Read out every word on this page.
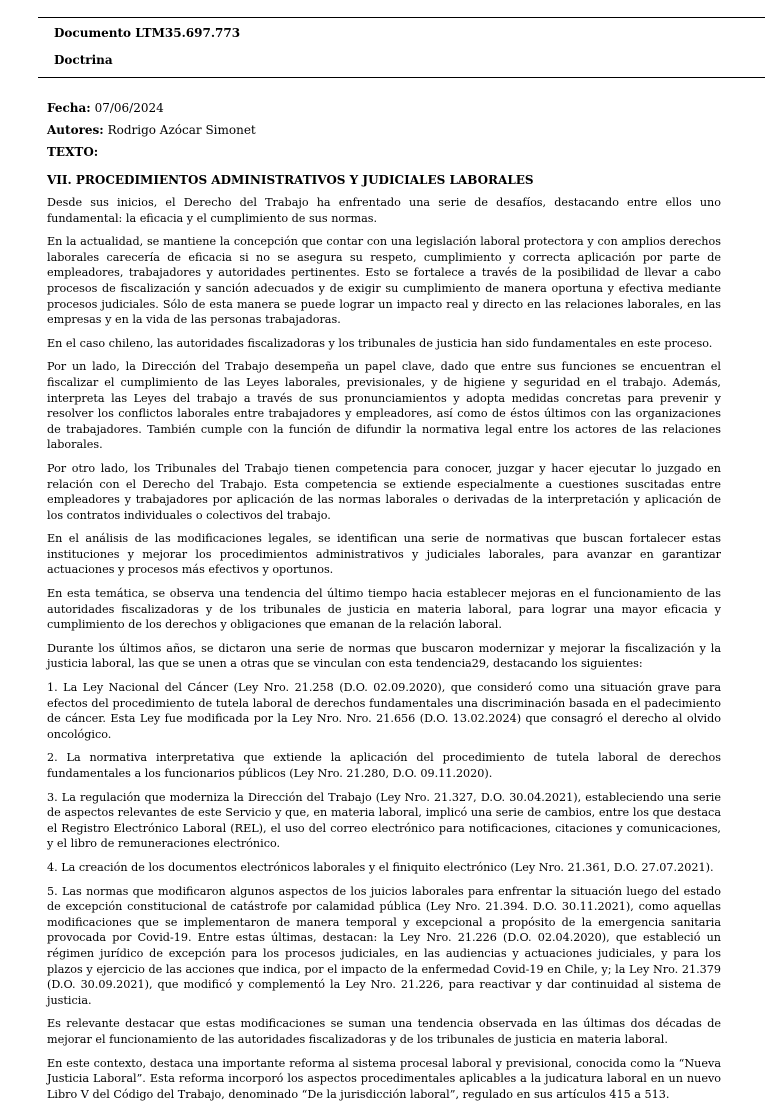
Documento LTM35.697.773
Doctrina
Fecha: 07/06/2024
Autores: Rodrigo Azócar Simonet
TEXTO:
VII. PROCEDIMIENTOS ADMINISTRATIVOS Y JUDICIALES LABORALES

Desde sus inicios, el Derecho del Trabajo ha enfrentado una serie de desafíos, destacando entre ellos uno fundamental: la eficacia y el cumplimiento de sus normas.

En la actualidad, se mantiene la concepción que contar con una legislación laboral protectora y con amplios derechos laborales carecería de eficacia si no se asegura su respeto, cumplimiento y correcta aplicación por parte de empleadores, trabajadores y autoridades pertinentes. Esto se fortalece a través de la posibilidad de llevar a cabo procesos de fiscalización y sanción adecuados y de exigir su cumplimiento de manera oportuna y efectiva mediante procesos judiciales. Sólo de esta manera se puede lograr un impacto real y directo en las relaciones laborales, en las empresas y en la vida de las personas trabajadoras.

En el caso chileno, las autoridades fiscalizadoras y los tribunales de justicia han sido fundamentales en este proceso.

Por un lado, la Dirección del Trabajo desempeña un papel clave, dado que entre sus funciones se encuentran el fiscalizar el cumplimiento de las Leyes laborales, previsionales, y de higiene y seguridad en el trabajo. Además, interpreta las Leyes del trabajo a través de sus pronunciamientos y adopta medidas concretas para prevenir y resolver los conflictos laborales entre trabajadores y empleadores, así como de éstos últimos con las organizaciones de trabajadores. También cumple con la función de difundir la normativa legal entre los actores de las relaciones laborales.

Por otro lado, los Tribunales del Trabajo tienen competencia para conocer, juzgar y hacer ejecutar lo juzgado en relación con el Derecho del Trabajo. Esta competencia se extiende especialmente a cuestiones suscitadas entre empleadores y trabajadores por aplicación de las normas laborales o derivadas de la interpretación y aplicación de los contratos individuales o colectivos del trabajo.

En el análisis de las modificaciones legales, se identifican una serie de normativas que buscan fortalecer estas instituciones y mejorar los procedimientos administrativos y judiciales laborales, para avanzar en garantizar actuaciones y procesos más efectivos y oportunos.

En esta temática, se observa una tendencia del último tiempo hacia establecer mejoras en el funcionamiento de las autoridades fiscalizadoras y de los tribunales de justicia en materia laboral, para lograr una mayor eficacia y cumplimiento de los derechos y obligaciones que emanan de la relación laboral.

Durante los últimos años, se dictaron una serie de normas que buscaron modernizar y mejorar la fiscalización y la justicia laboral, las que se unen a otras que se vinculan con esta tendencia29, destacando los siguientes:

1. La Ley Nacional del Cáncer (Ley Nro. 21.258 (D.O. 02.09.2020), que consideró como una situación grave para efectos del procedimiento de tutela laboral de derechos fundamentales una discriminación basada en el padecimiento de cáncer. Esta Ley fue modificada por la Ley Nro. Nro. 21.656 (D.O. 13.02.2024) que consagró el derecho al olvido oncológico.

2. La normativa interpretativa que extiende la aplicación del procedimiento de tutela laboral de derechos fundamentales a los funcionarios públicos (Ley Nro. 21.280, D.O. 09.11.2020).

3. La regulación que moderniza la Dirección del Trabajo (Ley Nro. 21.327, D.O. 30.04.2021), estableciendo una serie de aspectos relevantes de este Servicio y que, en materia laboral, implicó una serie de cambios, entre los que destaca el Registro Electrónico Laboral (REL), el uso del correo electrónico para notificaciones, citaciones y comunicaciones, y el libro de remuneraciones electrónico.

4. La creación de los documentos electrónicos laborales y el finiquito electrónico (Ley Nro. 21.361, D.O. 27.07.2021).

5. Las normas que modificaron algunos aspectos de los juicios laborales para enfrentar la situación luego del estado de excepción constitucional de catástrofe por calamidad pública (Ley Nro. 21.394. D.O. 30.11.2021), como aquellas modificaciones que se implementaron de manera temporal y excepcional a propósito de la emergencia sanitaria provocada por Covid-19. Entre estas últimas, destacan: la Ley Nro. 21.226 (D.O. 02.04.2020), que estableció un régimen jurídico de excepción para los procesos judiciales, en las audiencias y actuaciones judiciales, y para los plazos y ejercicio de las acciones que indica, por el impacto de la enfermedad Covid-19 en Chile, y; la Ley Nro. 21.379 (D.O. 30.09.2021), que modificó y complementó la Ley Nro. 21.226, para reactivar y dar continuidad al sistema de justicia.

Es relevante destacar que estas modificaciones se suman una tendencia observada en las últimas dos décadas de mejorar el funcionamiento de las autoridades fiscalizadoras y de los tribunales de justicia en materia laboral.

En este contexto, destaca una importante reforma al sistema procesal laboral y previsional, conocida como la “Nueva Justicia Laboral”. Esta reforma incorporó los aspectos procedimentales aplicables a la judicatura laboral en un nuevo Libro V del Código del Trabajo, denominado “De la jurisdicción laboral”, regulado en sus artículos 415 a 513.
